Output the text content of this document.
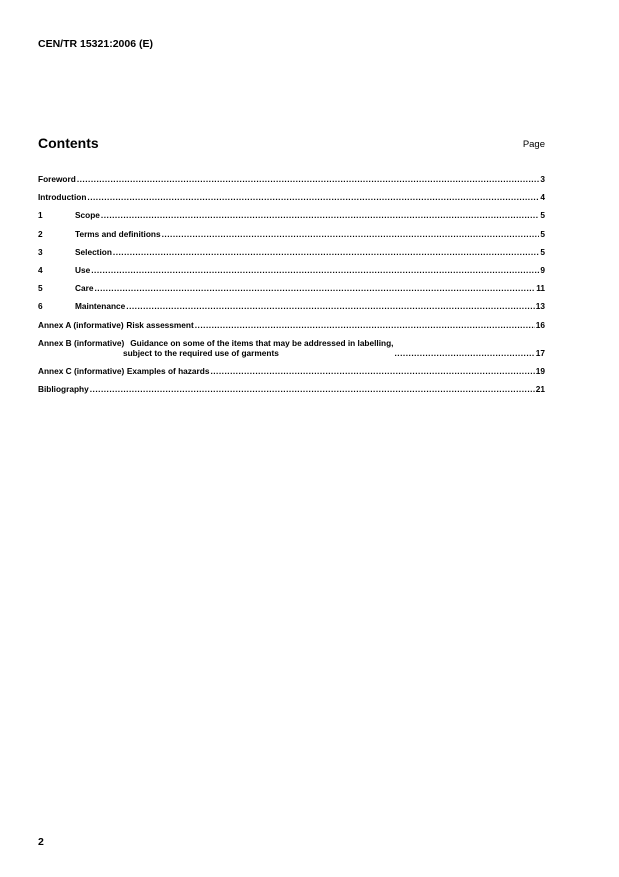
CEN/TR 15321:2006 (E)

Contents	Page

Foreword .....	3
Introduction .....	4
1	Scope .....	5
2	Terms and definitions .....	5
3	Selection .....	5
4	Use .....	9
5	Care .....	11
6	Maintenance .....	13
Annex A (informative) Risk assessment .....	16
Annex B (informative) Guidance on some of the items that may be addressed in labelling,
subject to the required use of garments .....	17
Annex C (informative) Examples of hazards .....	19
Bibliography .....	21

2
